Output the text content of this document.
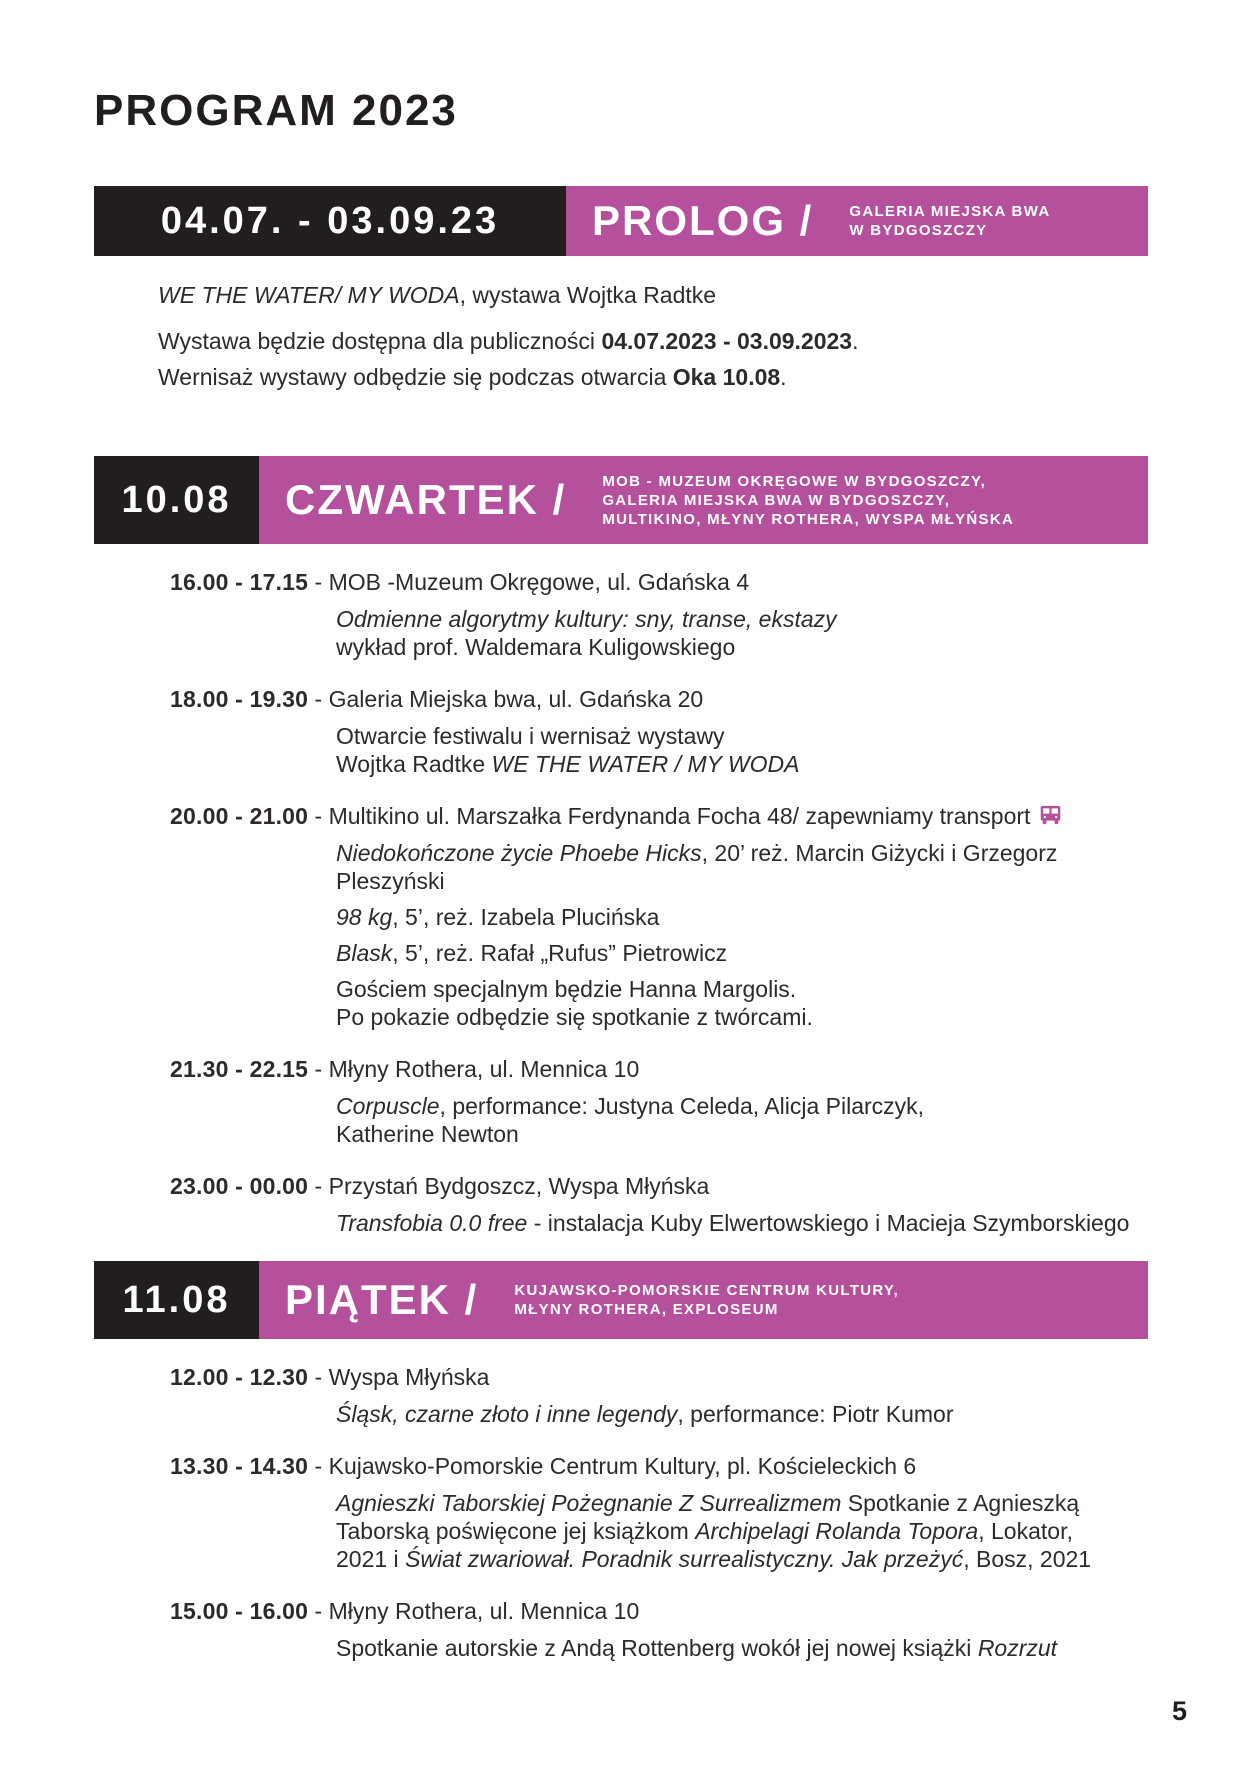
PROGRAM 2023
04.07. - 03.09.23	PROLOG / GALERIA MIEJSKA BWA
W BYDGOSZCZY
WE THE WATER/ MY WODA, wystawa Wojtka Radtke
Wystawa będzie dostępna dla publiczności 04.07.2023 - 03.09.2023.
Wernisaż wystawy odbędzie się podczas otwarcia Oka 10.08.
10.08	CZWARTEK / MOB - MUZEUM OKRĘGOWE W BYDGOSZCZY,
GALERIA MIEJSKA BWA W BYDGOSZCZY,
MULTIKINO, MŁYNY ROTHERA, WYSPA MŁYŃSKA
16.00 - 17.15 - MOB -Muzeum Okręgowe, ul. Gdańska 4
Odmienne algorytmy kultury: sny, transe, ekstazy
wykład prof. Waldemara Kuligowskiego
18.00 - 19.30 - Galeria Miejska bwa, ul. Gdańska 20
Otwarcie festiwalu i wernisaż wystawy
Wojtka Radtke WE THE WATER / MY WODA
20.00 - 21.00 - Multikino ul. Marszałka Ferdynanda Focha 48/ zapewniamy transport
Niedokończone życie Phoebe Hicks, 20’ reż. Marcin Giżycki i Grzegorz
Pleszyński
98 kg, 5’, reż. Izabela Plucińska
Blask, 5’, reż. Rafał „Rufus” Pietrowicz
Gościem specjalnym będzie Hanna Margolis.
Po pokazie odbędzie się spotkanie z twórcami.
21.30 - 22.15 - Młyny Rothera, ul. Mennica 10
Corpuscle, performance: Justyna Celeda, Alicja Pilarczyk,
Katherine Newton
23.00 - 00.00 - Przystań Bydgoszcz, Wyspa Młyńska
Transfobia 0.0 free - instalacja Kuby Elwertowskiego i Macieja Szymborskiego
11.08	PIĄTEK / KUJAWSKO-POMORSKIE CENTRUM KULTURY,
MŁYNY ROTHERA, EXPLOSEUM
12.00 - 12.30 - Wyspa Młyńska
Śląsk, czarne złoto i inne legendy, performance: Piotr Kumor
13.30 - 14.30 - Kujawsko-Pomorskie Centrum Kultury, pl. Kościeleckich 6
Agnieszki Taborskiej Pożegnanie Z Surrealizmem Spotkanie z Agnieszką
Taborską poświęcone jej książkom Archipelagi Rolanda Topora, Lokator,
2021 i Świat zwariował. Poradnik surrealistyczny. Jak przeżyć, Bosz, 2021
15.00 - 16.00 - Młyny Rothera, ul. Mennica 10
Spotkanie autorskie z Andą Rottenberg wokół jej nowej książki Rozrzut
5
